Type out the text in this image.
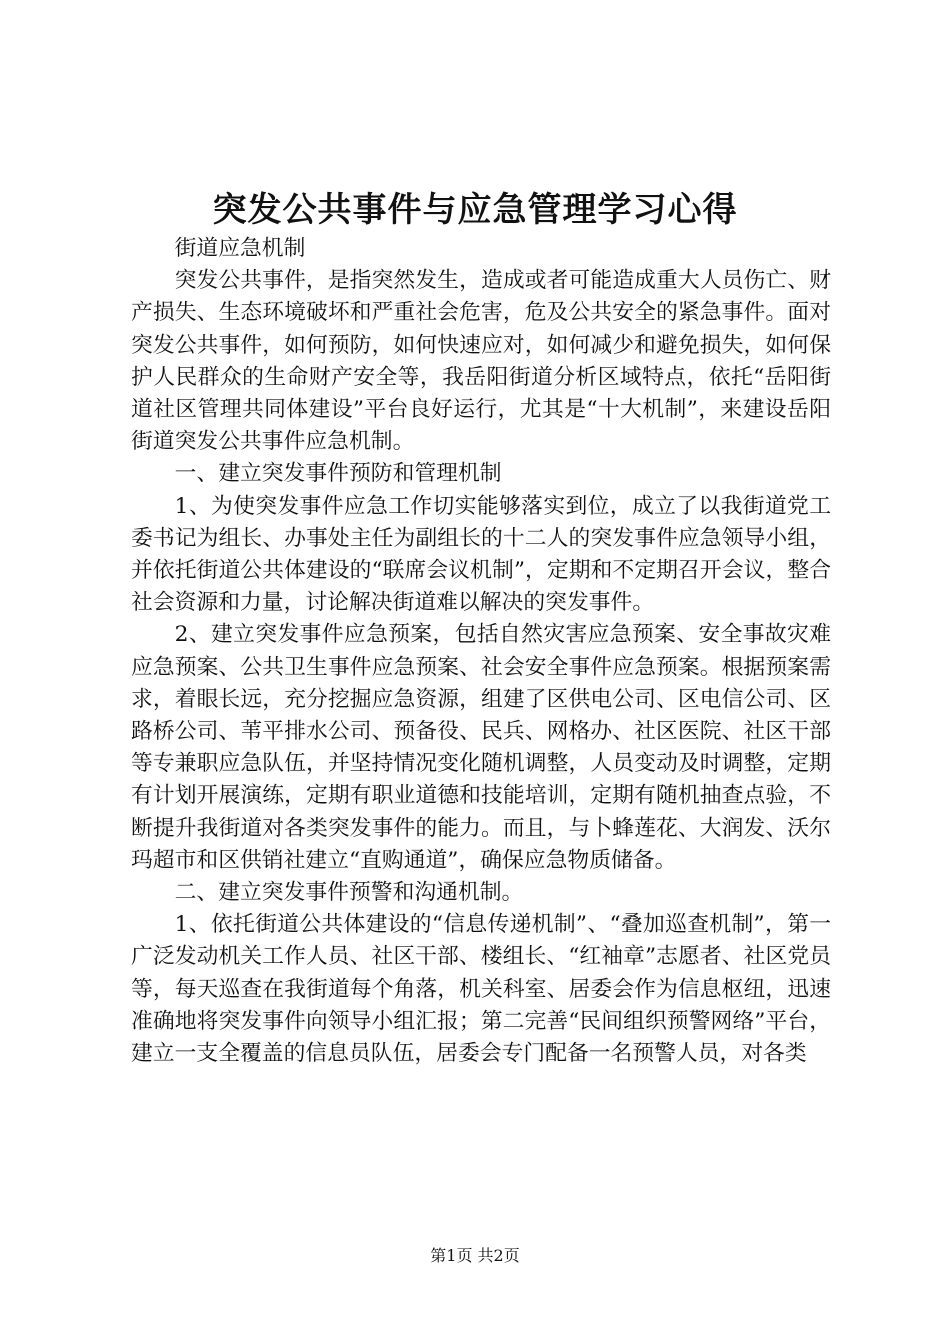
突发公共事件与应急管理学习心得

街道应急机制

突发公共事件，是指突然发生，造成或者可能造成重大人员伤亡、财产损失、生态环境破坏和严重社会危害，危及公共安全的紧急事件。面对突发公共事件，如何预防，如何快速应对，如何减少和避免损失，如何保护人民群众的生命财产安全等，我岳阳街道分析区域特点，依托“岳阳街道社区管理共同体建设”平台良好运行，尤其是“十大机制”，来建设岳阳街道突发公共事件应急机制。

一、建立突发事件预防和管理机制

1、为使突发事件应急工作切实能够落实到位，成立了以我街道党工委书记为组长、办事处主任为副组长的十二人的突发事件应急领导小组，并依托街道公共体建设的“联席会议机制”，定期和不定期召开会议，整合社会资源和力量，讨论解决街道难以解决的突发事件。

2、建立突发事件应急预案，包括自然灾害应急预案、安全事故灾难应急预案、公共卫生事件应急预案、社会安全事件应急预案。根据预案需求，着眼长远，充分挖掘应急资源，组建了区供电公司、区电信公司、区路桥公司、苇平排水公司、预备役、民兵、网格办、社区医院、社区干部等专兼职应急队伍，并坚持情况变化随机调整，人员变动及时调整，定期有计划开展演练，定期有职业道德和技能培训，定期有随机抽查点验，不断提升我街道对各类突发事件的能力。而且，与卜蜂莲花、大润发、沃尔玛超市和区供销社建立“直购通道”，确保应急物质储备。

二、建立突发事件预警和沟通机制。

1、依托街道公共体建设的“信息传递机制”、“叠加巡查机制”，第一广泛发动机关工作人员、社区干部、楼组长、“红袖章”志愿者、社区党员等，每天巡查在我街道每个角落，机关科室、居委会作为信息枢纽，迅速准确地将突发事件向领导小组汇报；第二完善“民间组织预警网络”平台，建立一支全覆盖的信息员队伍，居委会专门配备一名预警人员，对各类

第1页 共2页
